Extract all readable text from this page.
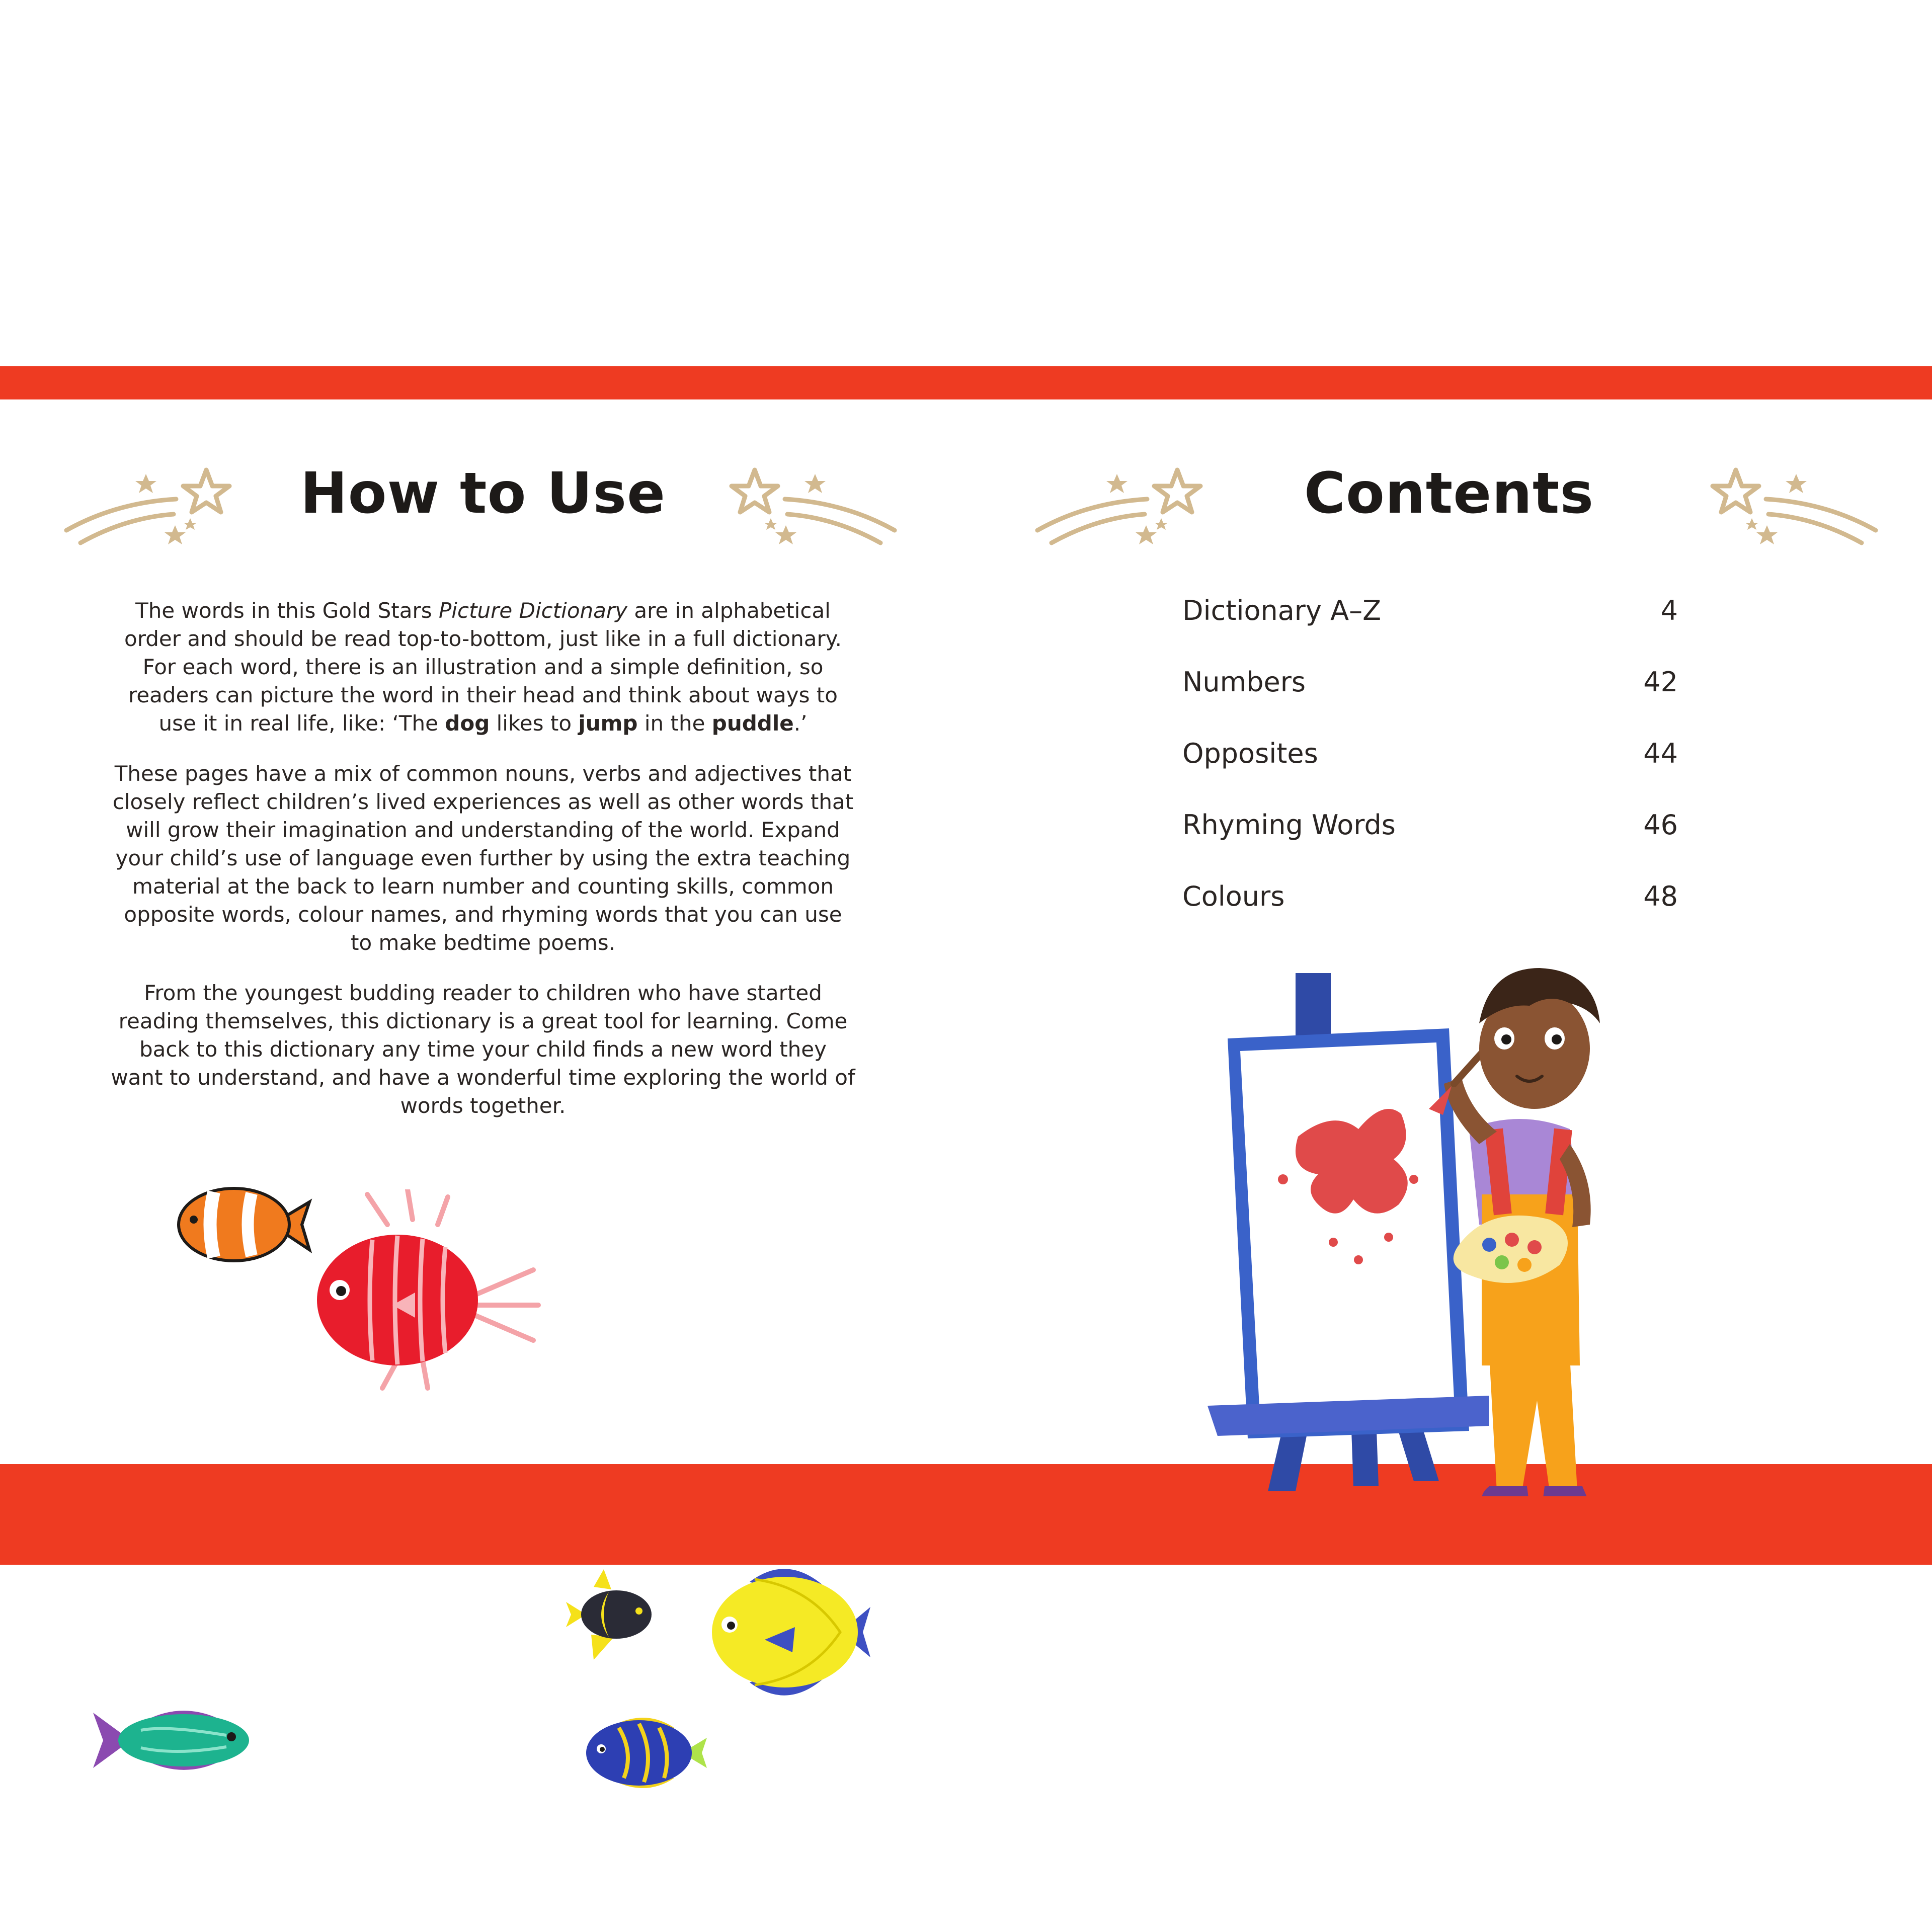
How to Use

The words in this Gold Stars Picture Dictionary are in alphabetical order and should be read top-to-bottom, just like in a full dictionary. For each word, there is an illustration and a simple definition, so readers can picture the word in their head and think about ways to use it in real life, like: ‘The dog likes to jump in the puddle.’

These pages have a mix of common nouns, verbs and adjectives that closely reflect children’s lived experiences as well as other words that will grow their imagination and understanding of the world. Expand your child’s use of language even further by using the extra teaching material at the back to learn number and counting skills, common opposite words, colour names, and rhyming words that you can use to make bedtime poems.

From the youngest budding reader to children who have started reading themselves, this dictionary is a great tool for learning. Come back to this dictionary any time your child finds a new word they want to understand, and have a wonderful time exploring the world of words together.

Contents
Dictionary A–Z	4
Numbers	42
Opposites	44
Rhyming Words	46
Colours	48
